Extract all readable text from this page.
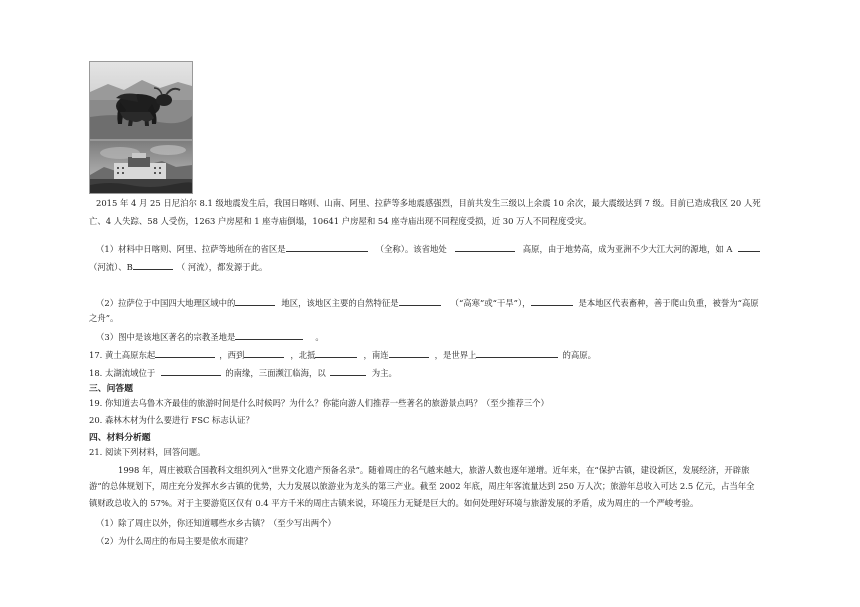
2015 年 4 月 25 日尼泊尔 8.1 级地震发生后，我国日喀则、山南、阿里、拉萨等多地震感强烈，目前共发生三级以上余震 10 余次，最大震级达到 7 级。目前已造成我区 20 人死
亡、4 人失踪、58 人受伤，1263 户房屋和 1 座寺庙倒塌，10641 户房屋和 54 座寺庙出现不同程度受损，近 30 万人不同程度受灾。
（1）材料中日喀则、阿里、拉萨等地所在的省区是	（全称）。该省地处	高原，由于地势高，成为亚洲不少大江大河的源地，如 A
（河流）、B	（ 河流），都发源于此。
（2）拉萨位于中国四大地理区域中的	地区，该地区主要的自然特征是	（“高寒”或“干旱”），	是本地区代表畜种，善于爬山负重，被誉为“高原
之舟”。
（3）图中是该地区著名的宗教圣地是	。
17. 黄土高原东起	，西到	，北抵	，南连	，是世界上	的高原。
18. 太湖流域位于	的南缘，三面濒江临海，以	为主。
三、问答题
19. 你知道去乌鲁木齐最佳的旅游时间是什么时候吗？为什么？你能向游人们推荐一些著名的旅游景点吗？（至少推荐三个）
20. 森林木材为什么要进行 FSC 标志认证？
四、材料分析题
21. 阅读下列材料，回答问题。
1998 年，周庄被联合国教科文组织列入“世界文化遗产预备名录”。随着周庄的名气越来越大，旅游人数也逐年递增。近年来，在“保护古镇，建设新区，发展经济，开辟旅
游”的总体规划下，周庄充分发挥水乡古镇的优势，大力发展以旅游业为龙头的第三产业。截至 2002 年底，周庄年客流量达到 250 万人次；旅游年总收入可达 2.5 亿元，占当年全
镇财政总收入的 57%。对于主要游览区仅有 0.4 平方千米的周庄古镇来说，环境压力无疑是巨大的。如何处理好环境与旅游发展的矛盾，成为周庄的一个严峻考验。
（1）除了周庄以外，你还知道哪些水乡古镇？（至少写出两个）
（2）为什么周庄的布局主要是依水而建？
